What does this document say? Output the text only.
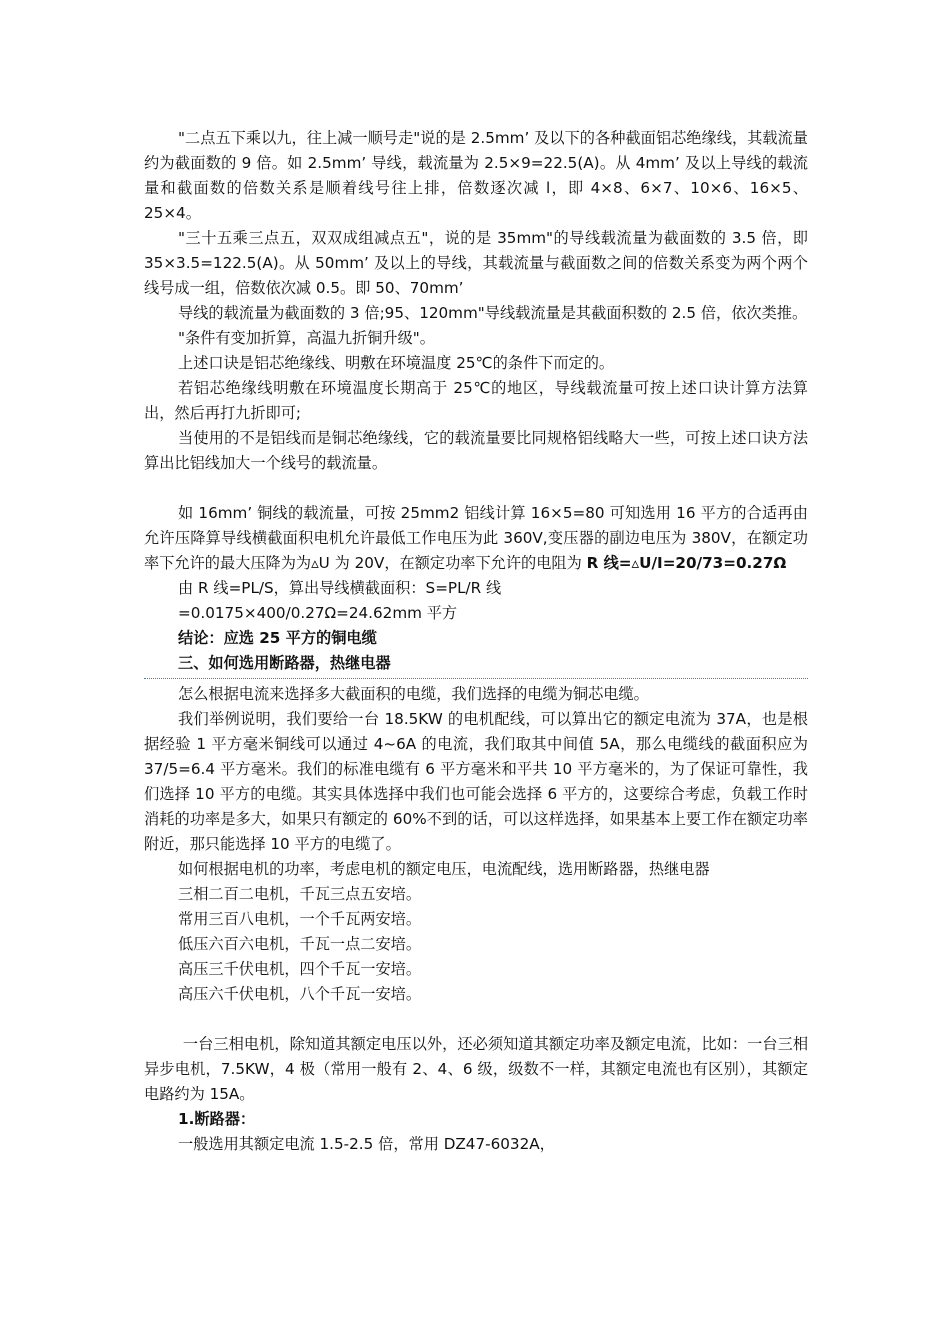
"二点五下乘以九，往上减一顺号走"说的是 2.5mm’ 及以下的各种截面铝芯绝缘线，其载流量约为截面数的 9 倍。如 2.5mm’ 导线，载流量为 2.5×9=22.5(A)。从 4mm’ 及以上导线的载流量和截面数的倍数关系是顺着线号往上排，倍数逐次减 l，即 4×8、6×7、10×6、16×5、25×4。

"三十五乘三点五，双双成组减点五"，说的是 35mm"的导线载流量为截面数的 3.5 倍，即 35×3.5=122.5(A)。从 50mm’ 及以上的导线，其载流量与截面数之间的倍数关系变为两个两个线号成一组，倍数依次减 0.5。即 50、70mm’

导线的载流量为截面数的 3 倍;95、120mm"导线载流量是其截面积数的 2.5 倍，依次类推。

"条件有变加折算，高温九折铜升级"。

上述口诀是铝芯绝缘线、明敷在环境温度 25℃的条件下而定的。

若铝芯绝缘线明敷在环境温度长期高于 25℃的地区，导线载流量可按上述口诀计算方法算出，然后再打九折即可;

当使用的不是铝线而是铜芯绝缘线，它的载流量要比同规格铝线略大一些，可按上述口诀方法算出比铝线加大一个线号的载流量。

如 16mm’ 铜线的载流量，可按 25mm2 铝线计算 16×5=80 可知选用 16 平方的合适再由允许压降算导线横截面积电机允许最低工作电压为此 360V,变压器的副边电压为 380V，在额定功率下允许的最大压降为为▵U 为 20V，在额定功率下允许的电阻为 R 线=▵U/I=20/73=0.27Ω

由 R 线=PL/S，算出导线横截面积：S=PL/R 线

=0.0175×400/0.27Ω=24.62mm 平方

结论：应选 25 平方的铜电缆

三、如何选用断路器，热继电器

怎么根据电流来选择多大截面积的电缆，我们选择的电缆为铜芯电缆。

我们举例说明，我们要给一台 18.5KW 的电机配线，可以算出它的额定电流为 37A，也是根据经验 1 平方毫米铜线可以通过 4~6A 的电流，我们取其中间值 5A，那么电缆线的截面积应为 37/5=6.4 平方毫米。我们的标准电缆有 6 平方毫米和平共 10 平方毫米的，为了保证可靠性，我们选择 10 平方的电缆。其实具体选择中我们也可能会选择 6 平方的，这要综合考虑，负载工作时消耗的功率是多大，如果只有额定的 60%不到的话，可以这样选择，如果基本上要工作在额定功率附近，那只能选择 10 平方的电缆了。

如何根据电机的功率，考虑电机的额定电压，电流配线，选用断路器，热继电器

三相二百二电机，千瓦三点五安培。

常用三百八电机，一个千瓦两安培。

低压六百六电机，千瓦一点二安培。

高压三千伏电机，四个千瓦一安培。

高压六千伏电机，八个千瓦一安培。

一台三相电机，除知道其额定电压以外，还必须知道其额定功率及额定电流，比如：一台三相异步电机，7.5KW，4 极（常用一般有 2、4、6 级，级数不一样，其额定电流也有区别），其额定电路约为 15A。

1.断路器：

一般选用其额定电流 1.5-2.5 倍，常用 DZ47-6032A，
